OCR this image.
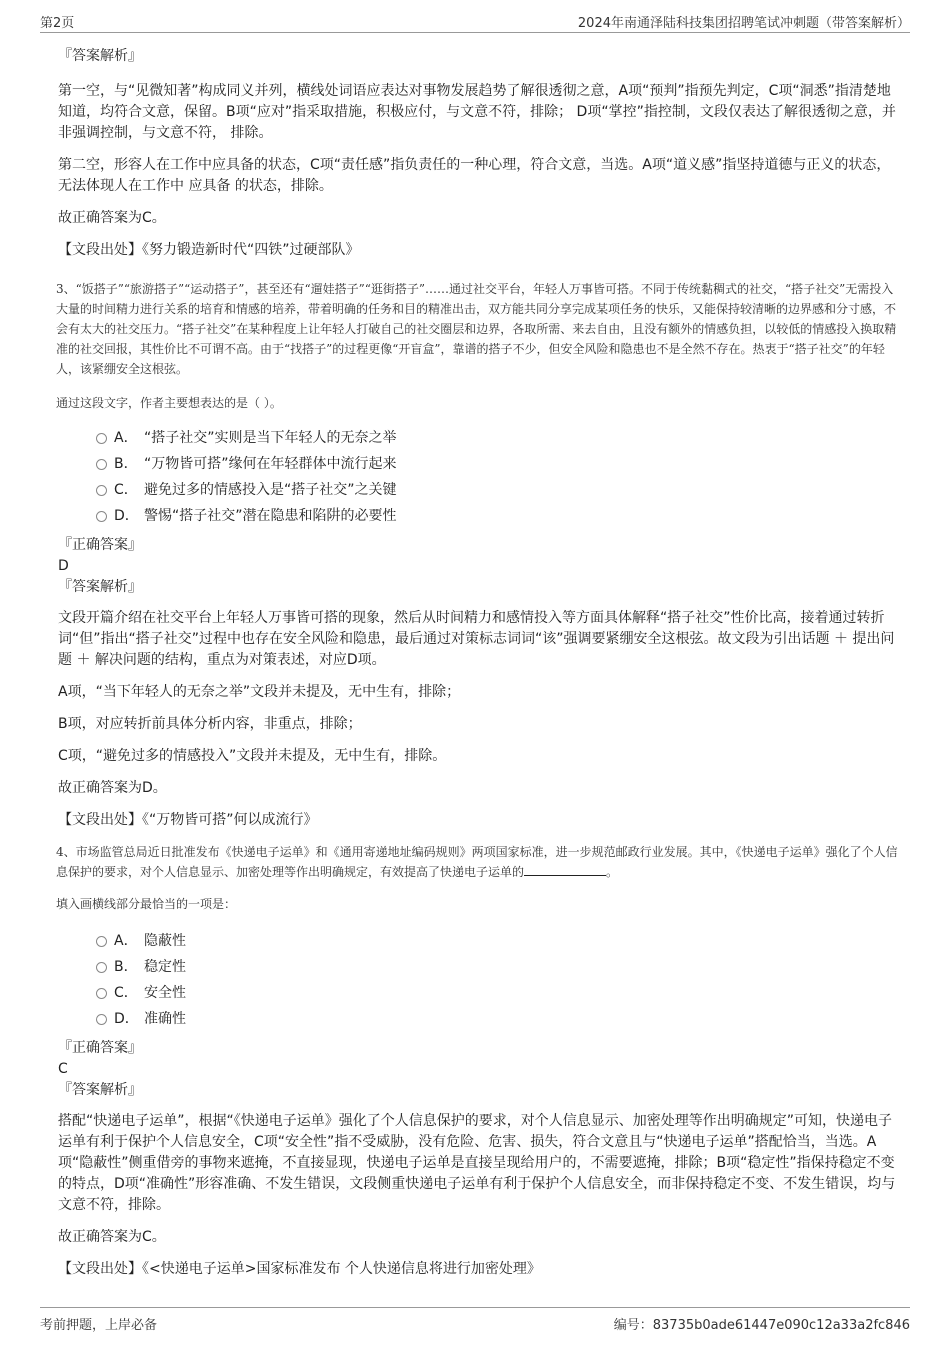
第2页	2024年南通泽陆科技集团招聘笔试冲刺题（带答案解析）

『答案解析』

第一空，与“见微知著”构成同义并列，横线处词语应表达对事物发展趋势了解很透彻之意，A项“预判”指预先判定，C项“洞悉”指清楚地知道，均符合文意，保留。B项“应对”指采取措施，积极应付，与文意不符，排除； D项“掌控”指控制，文段仅表达了解很透彻之意，并非强调控制，与文意不符， 排除。

第二空，形容人在工作中应具备的状态，C项“责任感”指负责任的一种心理，符合文意，当选。A项“道义感”指坚持道德与正义的状态，无法体现人在工作中 应具备 的状态，排除。

故正确答案为C。

【文段出处】《努力锻造新时代“四铁”过硬部队》

3、“饭搭子”“旅游搭子”“运动搭子”，甚至还有“遛娃搭子”“逛街搭子”……通过社交平台，年轻人万事皆可搭。不同于传统黏稠式的社交，“搭子社交”无需投入大量的时间精力进行关系的培育和情感的培养，带着明确的任务和目的精准出击，双方能共同分享完成某项任务的快乐，又能保持较清晰的边界感和分寸感，不会有太大的社交压力。“搭子社交”在某种程度上让年轻人打破自己的社交圈层和边界，各取所需、来去自由，且没有额外的情感负担，以较低的情感投入换取精准的社交回报，其性价比不可谓不高。由于“找搭子”的过程更像“开盲盒”，靠谱的搭子不少，但安全风险和隐患也不是全然不存在。热衷于“搭子社交”的年轻人，该紧绷安全这根弦。

通过这段文字，作者主要想表达的是（ ）。

A． “搭子社交”实则是当下年轻人的无奈之举
B． “万物皆可搭”缘何在年轻群体中流行起来
C． 避免过多的情感投入是“搭子社交”之关键
D． 警惕“搭子社交”潜在隐患和陷阱的必要性

『正确答案』

D

『答案解析』

文段开篇介绍在社交平台上年轻人万事皆可搭的现象，然后从时间精力和感情投入等方面具体解释“搭子社交”性价比高，接着通过转折词“但”指出“搭子社交”过程中也存在安全风险和隐患，最后通过对策标志词词“该”强调要紧绷安全这根弦。故文段为引出话题 ＋ 提出问题 ＋ 解决问题的结构，重点为对策表述，对应D项。

A项，“当下年轻人的无奈之举”文段并未提及，无中生有，排除；

B项，对应转折前具体分析内容，非重点，排除；

C项，“避免过多的情感投入”文段并未提及，无中生有，排除。

故正确答案为D。

【文段出处】《“万物皆可搭”何以成流行》

4、市场监管总局近日批准发布《快递电子运单》和《通用寄递地址编码规则》两项国家标准，进一步规范邮政行业发展。其中，《快递电子运单》强化了个人信息保护的要求，对个人信息显示、加密处理等作出明确规定，有效提高了快递电子运单的	。

填入画横线部分最恰当的一项是：

A． 隐蔽性
B． 稳定性
C． 安全性
D． 准确性

『正确答案』

C

『答案解析』

搭配“快递电子运单”，根据“《快递电子运单》强化了个人信息保护的要求，对个人信息显示、加密处理等作出明确规定”可知，快递电子运单有利于保护个人信息安全，C项“安全性”指不受威胁，没有危险、危害、损失，符合文意且与“快递电子运单”搭配恰当，当选。A项“隐蔽性”侧重借旁的事物来遮掩，不直接显现，快递电子运单是直接呈现给用户的，不需要遮掩，排除；B项“稳定性”指保持稳定不变的特点，D项“准确性”形容准确、不发生错误，文段侧重快递电子运单有利于保护个人信息安全，而非保持稳定不变、不发生错误，均与文意不符，排除。

故正确答案为C。

【文段出处】《<快递电子运单>国家标准发布 个人快递信息将进行加密处理》

考前押题，上岸必备	编号：83735b0ade61447e090c12a33a2fc846
